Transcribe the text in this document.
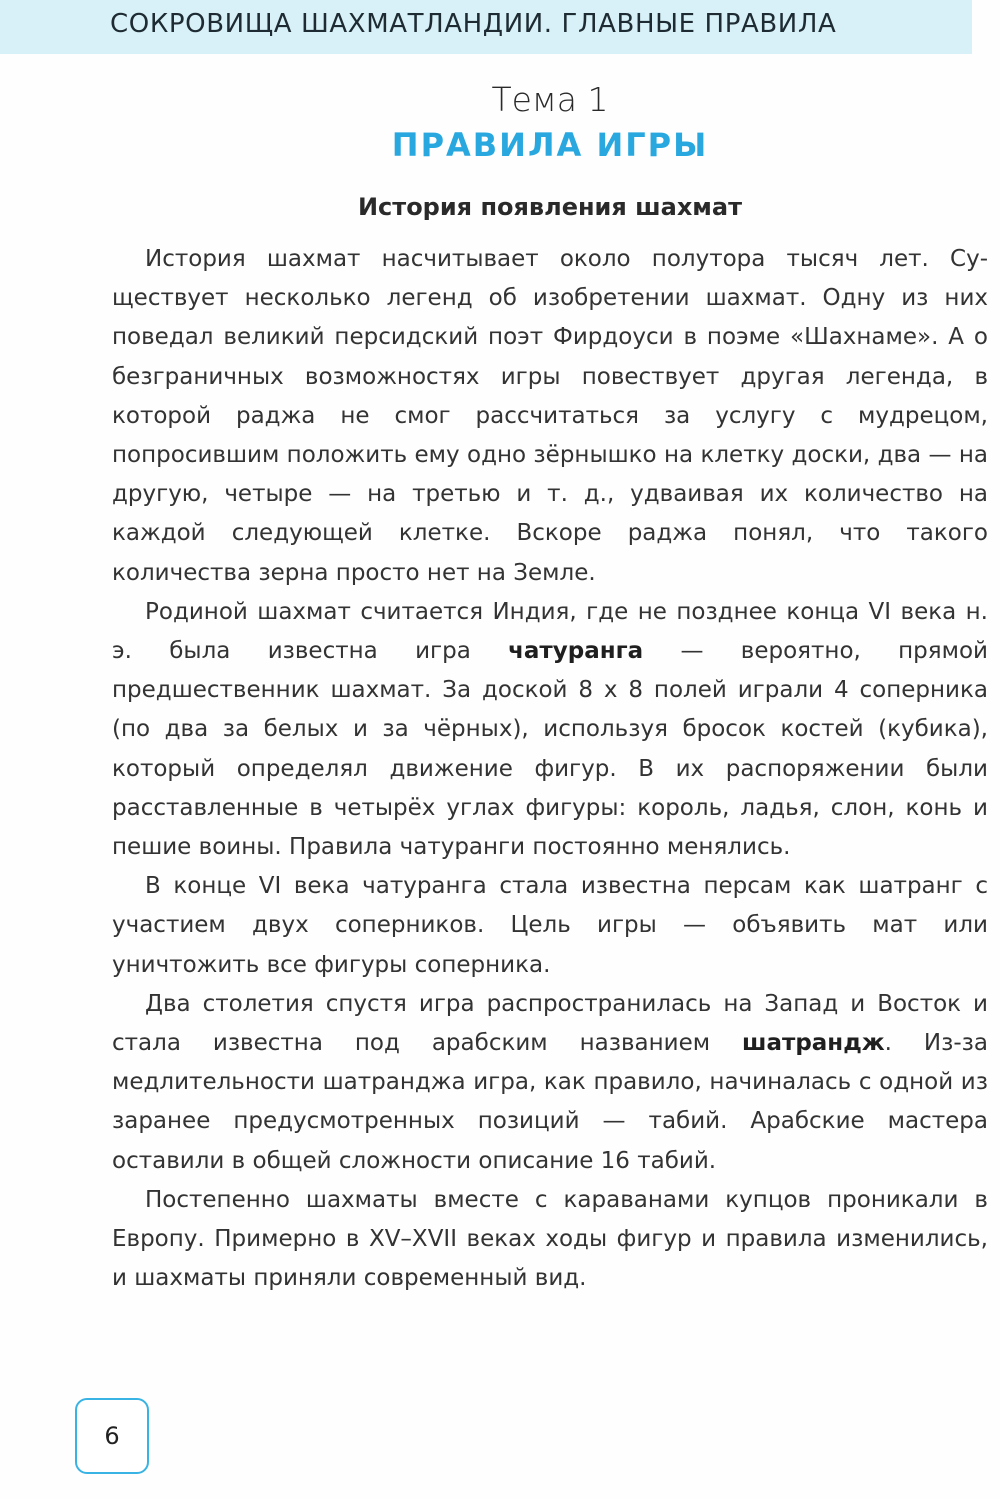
СОКРОВИЩА ШАХМАТЛАНДИИ. ГЛАВНЫЕ ПРАВИЛА
Тема 1
ПРАВИЛА ИГРЫ
История появления шахмат

История шахмат насчитывает около полутора тысяч лет. Существует несколько легенд об изобретении шахмат. Одну из них поведал великий персидский поэт Фирдоуси в поэме «Шахнаме». А о безграничных возможностях игры повествует другая легенда, в которой раджа не смог рассчитаться за услугу с мудрецом, попросившим положить ему одно зёрнышко на клетку доски, два — на другую, четыре — на третью и т. д., удваивая их количество на каждой следующей клетке. Вскоре раджа понял, что такого количества зерна просто нет на Земле.

Родиной шахмат считается Индия, где не позднее конца VI века н. э. была известна игра чатуранга — вероятно, прямой предшественник шахмат. За доской 8 х 8 полей играли 4 соперника (по два за белых и за чёрных), используя бросок костей (кубика), который определял движение фигур. В их распоряжении были расставленные в четырёх углах фигуры: король, ладья, слон, конь и пешие воины. Правила чатуранги постоянно менялись.

В конце VI века чатуранга стала известна персам как шатранг с участием двух соперников. Цель игры — объявить мат или уничтожить все фигуры соперника.

Два столетия спустя игра распространилась на Запад и Восток и стала известна под арабским названием шатрандж. Из-за медлительности шатранджа игра, как правило, начиналась с одной из заранее предусмотренных позиций — табий. Арабские мастера оставили в общей сложности описание 16 табий.

Постепенно шахматы вместе с караванами купцов проникали в Европу. Примерно в XV–XVII веках ходы фигур и правила изменились, и шахматы приняли современный вид.

6
